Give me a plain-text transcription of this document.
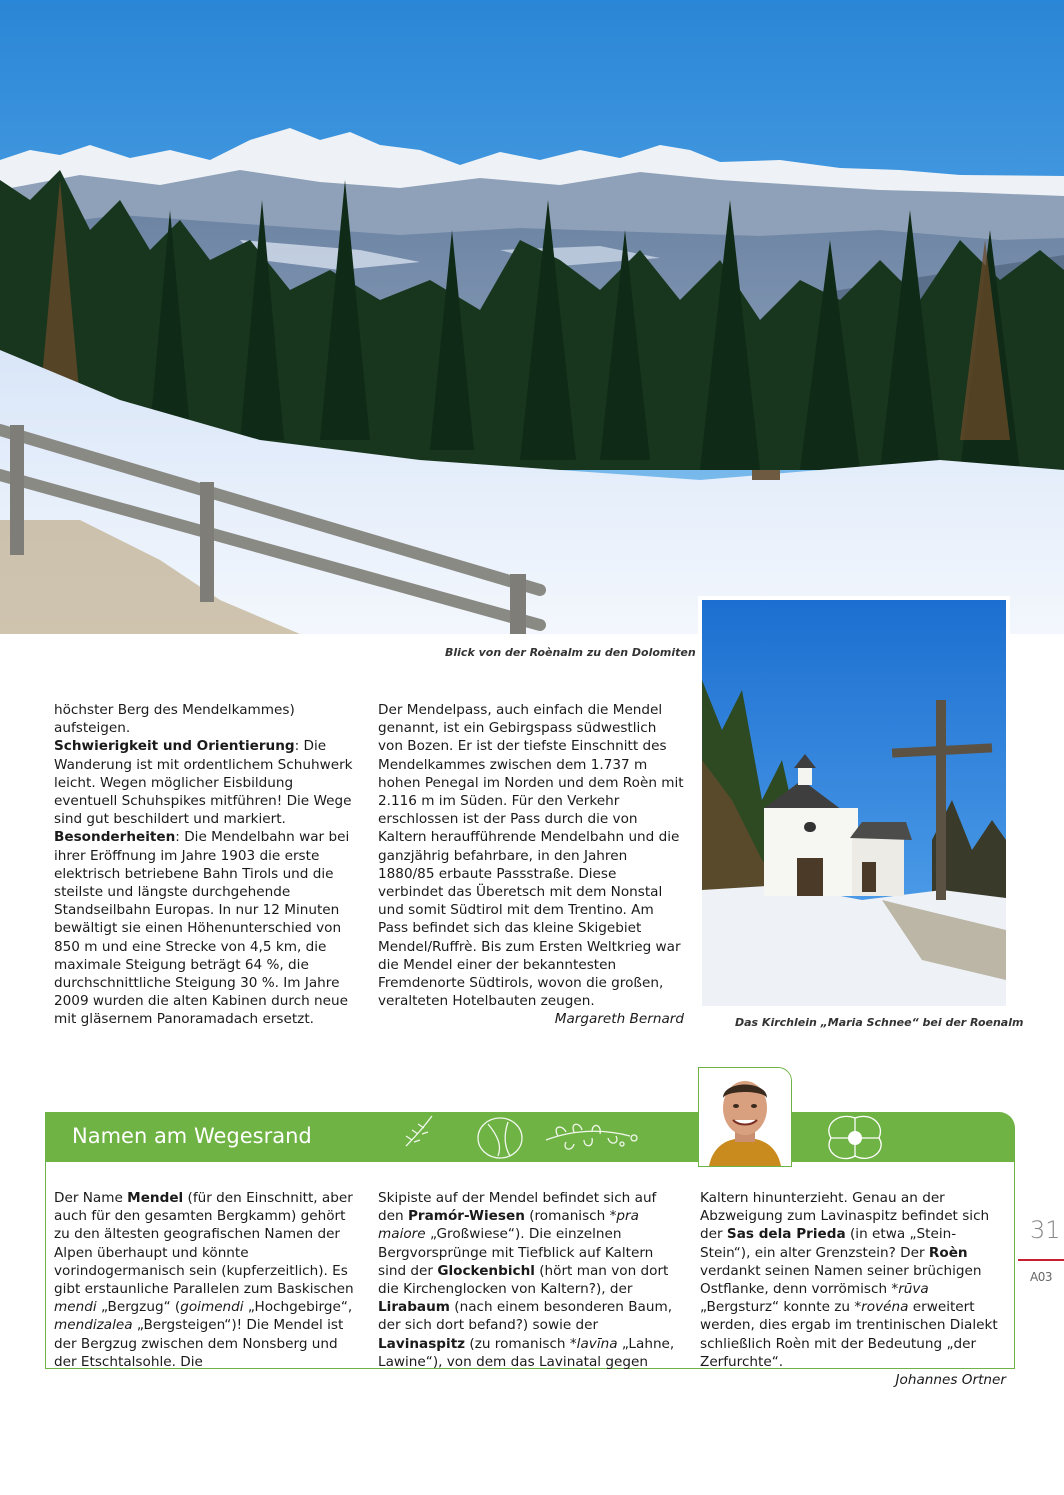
Blick von der Roènalm zu den Dolomiten

höchster Berg des Mendelkammes) aufsteigen.

Schwierigkeit und Orientierung: Die Wanderung ist mit ordentlichem Schuhwerk leicht. Wegen möglicher Eisbildung eventuell Schuhspikes mitführen! Die Wege sind gut beschildert und markiert.

Besonderheiten: Die Mendelbahn war bei ihrer Eröffnung im Jahre 1903 die erste elektrisch betriebene Bahn Tirols und die steilste und längste durchgehende Standseilbahn Europas. In nur 12 Minuten bewältigt sie einen Höhenunterschied von 850 m und eine Strecke von 4,5 km, die maximale Steigung beträgt 64 %, die durchschnittliche Steigung 30 %. Im Jahre 2009 wurden die alten Kabinen durch neue mit gläsernem Panoramadach ersetzt.

Der Mendelpass, auch einfach die Mendel genannt, ist ein Gebirgspass südwestlich von Bozen. Er ist der tiefste Einschnitt des Mendelkammes zwischen dem 1.737 m hohen Penegal im Norden und dem Roèn mit 2.116 m im Süden. Für den Verkehr erschlossen ist der Pass durch die von Kaltern heraufführende Mendelbahn und die ganzjährig befahrbare, in den Jahren 1880/85 erbaute Passstraße. Diese verbindet das Überetsch mit dem Nonstal und somit Südtirol mit dem Trentino. Am Pass befindet sich das kleine Skigebiet Mendel/Ruffrè. Bis zum Ersten Weltkrieg war die Mendel einer der bekanntesten Fremdenorte Südtirols, wovon die großen, veralteten Hotelbauten zeugen.

Margareth Bernard	Das Kirchlein „Maria Schnee“ bei der Roenalm
Namen am Wegesrand

Der Name Mendel (für den Einschnitt, aber auch für den gesamten Bergkamm) gehört zu den ältesten geografischen Namen der Alpen überhaupt und könnte vorindogermanisch sein (kupferzeitlich). Es gibt erstaunliche Parallelen zum Baskischen mendi „Bergzug“ (goimendi „Hochgebirge“, mendizalea „Bergsteigen“)! Die Mendel ist der Bergzug zwischen dem Nonsberg und der Etschtalsohle. Die

Skipiste auf der Mendel befindet sich auf den Pramór-Wiesen (romanisch *pra maiore „Großwiese“). Die einzelnen Bergvorsprünge mit Tiefblick auf Kaltern sind der Glockenbichl (hört man von dort die Kirchenglocken von Kaltern?), der Lirabaum (nach einem besonderen Baum, der sich dort befand?) sowie der Lavinaspitz (zu romanisch *lavīna „Lahne, Lawine“), von dem das Lavinatal gegen

Kaltern hinunterzieht. Genau an der Abzweigung zum Lavinaspitz befindet sich der Sas dela Prieda (in etwa „Stein-Stein“), ein alter Grenzstein? Der Roèn verdankt seinen Namen seiner brüchigen Ostflanke, denn vorrömisch *rūva „Bergsturz“ konnte zu *rovéna erweitert werden, dies ergab im trentinischen Dialekt schließlich Roèn mit der Bedeutung „der Zerfurchte“.

Johannes Ortner
31
A03
